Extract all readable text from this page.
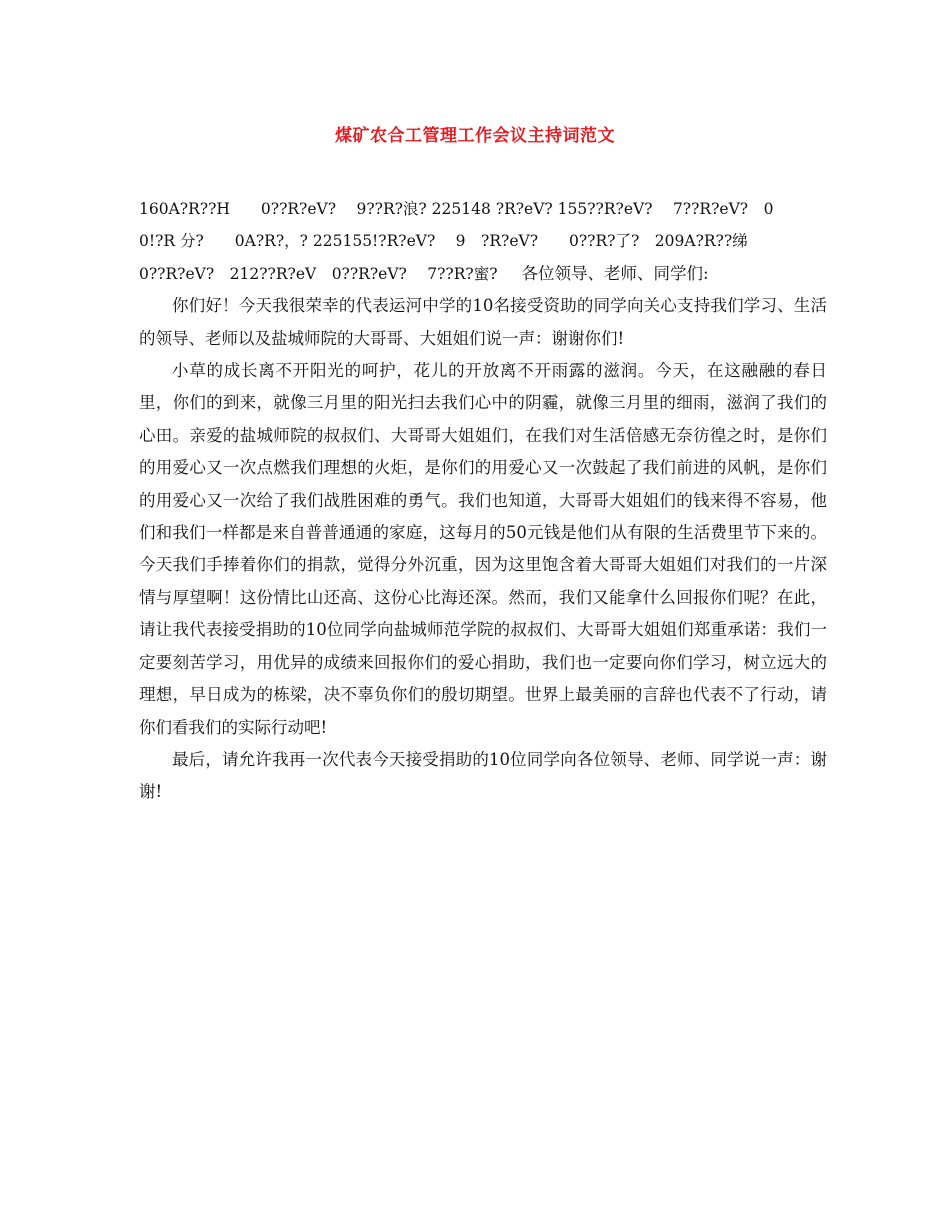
煤矿农合工管理工作会议主持词范文

160A?R??H　　0??R?eV?　 9??R?浪? 225148 ?R?eV? 155??R?eV?　 7??R?eV?　0

0!?R 分?　　0A?R?，? 225155!?R?eV?　 9　?R?eV?　　0??R?了?　209A?R??绨

0??R?eV?　212??R?eV　0??R?eV?　 7??R?蜜? 各位领导、老师、同学们:

你们好！今天我很荣幸的代表运河中学的10名接受资助的同学向关心支持我们学习、生活的领导、老师以及盐城师院的大哥哥、大姐姐们说一声：谢谢你们!

小草的成长离不开阳光的呵护，花儿的开放离不开雨露的滋润。今天，在这融融的春日里，你们的到来，就像三月里的阳光扫去我们心中的阴霾，就像三月里的细雨，滋润了我们的心田。亲爱的盐城师院的叔叔们、大哥哥大姐姐们，在我们对生活倍感无奈彷徨之时，是你们的用爱心又一次点燃我们理想的火炬，是你们的用爱心又一次鼓起了我们前进的风帆，是你们的用爱心又一次给了我们战胜困难的勇气。我们也知道，大哥哥大姐姐们的钱来得不容易，他们和我们一样都是来自普普通通的家庭，这每月的50元钱是他们从有限的生活费里节下来的。今天我们手捧着你们的捐款，觉得分外沉重，因为这里饱含着大哥哥大姐姐们对我们的一片深情与厚望啊！这份情比山还高、这份心比海还深。然而，我们又能拿什么回报你们呢？在此，请让我代表接受捐助的10位同学向盐城师范学院的叔叔们、大哥哥大姐姐们郑重承诺：我们一定要刻苦学习，用优异的成绩来回报你们的爱心捐助，我们也一定要向你们学习，树立远大的理想，早日成为的栋梁，决不辜负你们的殷切期望。世界上最美丽的言辞也代表不了行动，请你们看我们的实际行动吧!

最后，请允许我再一次代表今天接受捐助的10位同学向各位领导、老师、同学说一声：谢谢!
